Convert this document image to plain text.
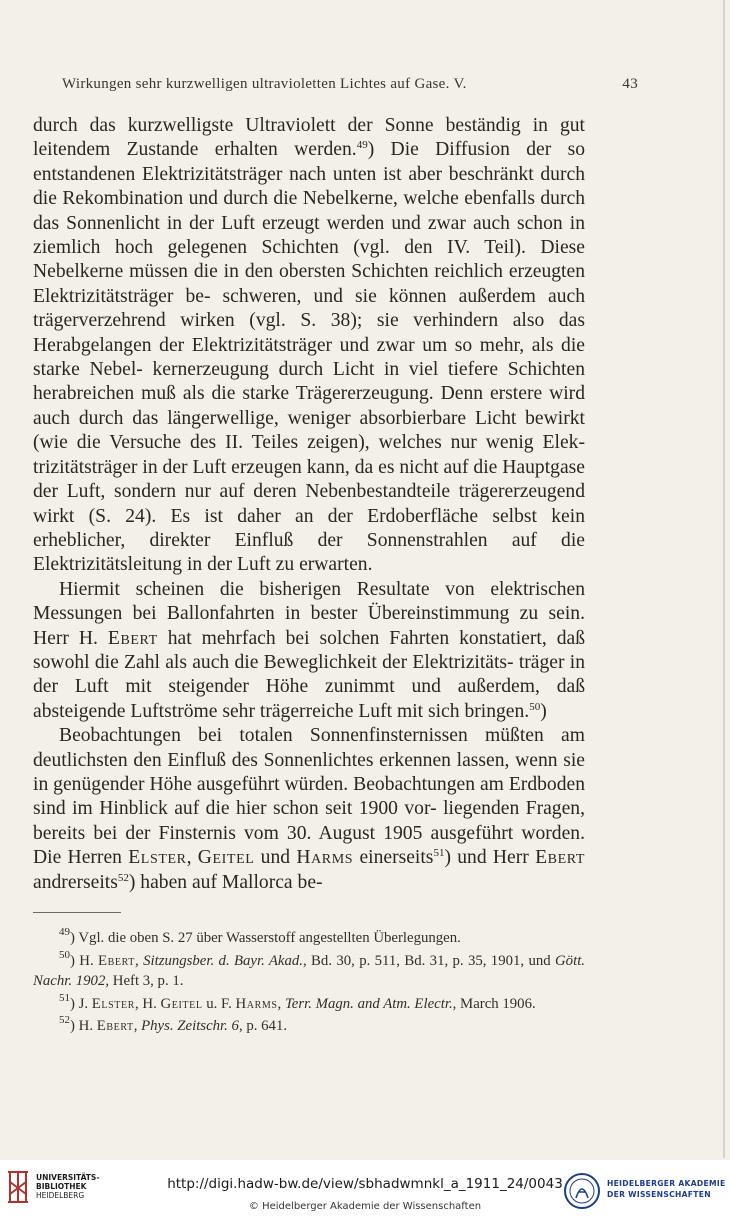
Wirkungen sehr kurzwelligen ultravioletten Lichtes auf Gase. V.	43

durch das kurzwelligste Ultraviolett der Sonne beständig in gut leitendem Zustande erhalten werden.$^{49}$) Die Diffusion der so entstandenen Elektrizitätsträger nach unten ist aber beschränkt durch die Rekombination und durch die Nebelkerne, welche ebenfalls durch das Sonnenlicht in der Luft erzeugt werden und zwar auch schon in ziemlich hoch gelegenen Schichten (vgl. den IV. Teil). Diese Nebelkerne müssen die in den obersten Schichten reichlich erzeugten Elektrizitätsträger be- schweren, und sie können außerdem auch trägerverzehrend wirken (vgl. S. 38); sie verhindern also das Herabgelangen der Elektrizitätsträger und zwar um so mehr, als die starke Nebel- kernerzeugung durch Licht in viel tiefere Schichten herabreichen muß als die starke Trägererzeugung. Denn erstere wird auch durch das längerwellige, weniger absorbierbare Licht bewirkt (wie die Versuche des II. Teiles zeigen), welches nur wenig Elek- trizitätsträger in der Luft erzeugen kann, da es nicht auf die Hauptgase der Luft, sondern nur auf deren Nebenbestandteile trägererzeugend wirkt (S. 24). Es ist daher an der Erdoberfläche selbst kein erheblicher, direkter Einfluß der Sonnenstrahlen auf die Elektrizitätsleitung in der Luft zu erwarten.

Hiermit scheinen die bisherigen Resultate von elektrischen Messungen bei Ballonfahrten in bester Übereinstimmung zu sein. Herr H. Ebert hat mehrfach bei solchen Fahrten konstatiert, daß sowohl die Zahl als auch die Beweglichkeit der Elektrizitäts- träger in der Luft mit steigender Höhe zunimmt und außerdem, daß absteigende Luftströme sehr trägerreiche Luft mit sich bringen.$^{50}$)

Beobachtungen bei totalen Sonnenfinsternissen müßten am deutlichsten den Einfluß des Sonnenlichtes erkennen lassen, wenn sie in genügender Höhe ausgeführt würden. Beobachtungen am Erdboden sind im Hinblick auf die hier schon seit 1900 vor- liegenden Fragen, bereits bei der Finsternis vom 30. August 1905 ausgeführt worden. Die Herren Elster, Geitel und Harms einerseits$^{51}$) und Herr Ebert andrerseits$^{52}$) haben auf Mallorca be-

$^{49}$) Vgl. die oben S. 27 über Wasserstoff angestellten Überlegungen.

$^{50}$) H. Ebert, Sitzungsber. d. Bayr. Akad., Bd. 30, p. 511, Bd. 31, p. 35, 1901, und Gött. Nachr. 1902, Heft 3, p. 1.

$^{51}$) J. Elster, H. Geitel u. F. Harms, Terr. Magn. and Atm. Electr., March 1906.

$^{52}$) H. Ebert, Phys. Zeitschr. 6, p. 641.

UNIVERSITÄTS-
BIBLIOTHEK
HEIDELBERG
http://digi.hadw-bw.de/view/sbhadwmnkl_a_1911_24/0043
© Heidelberger Akademie der Wissenschaften
HEIDELBERGER AKADEMIE
DER WISSENSCHAFTEN
